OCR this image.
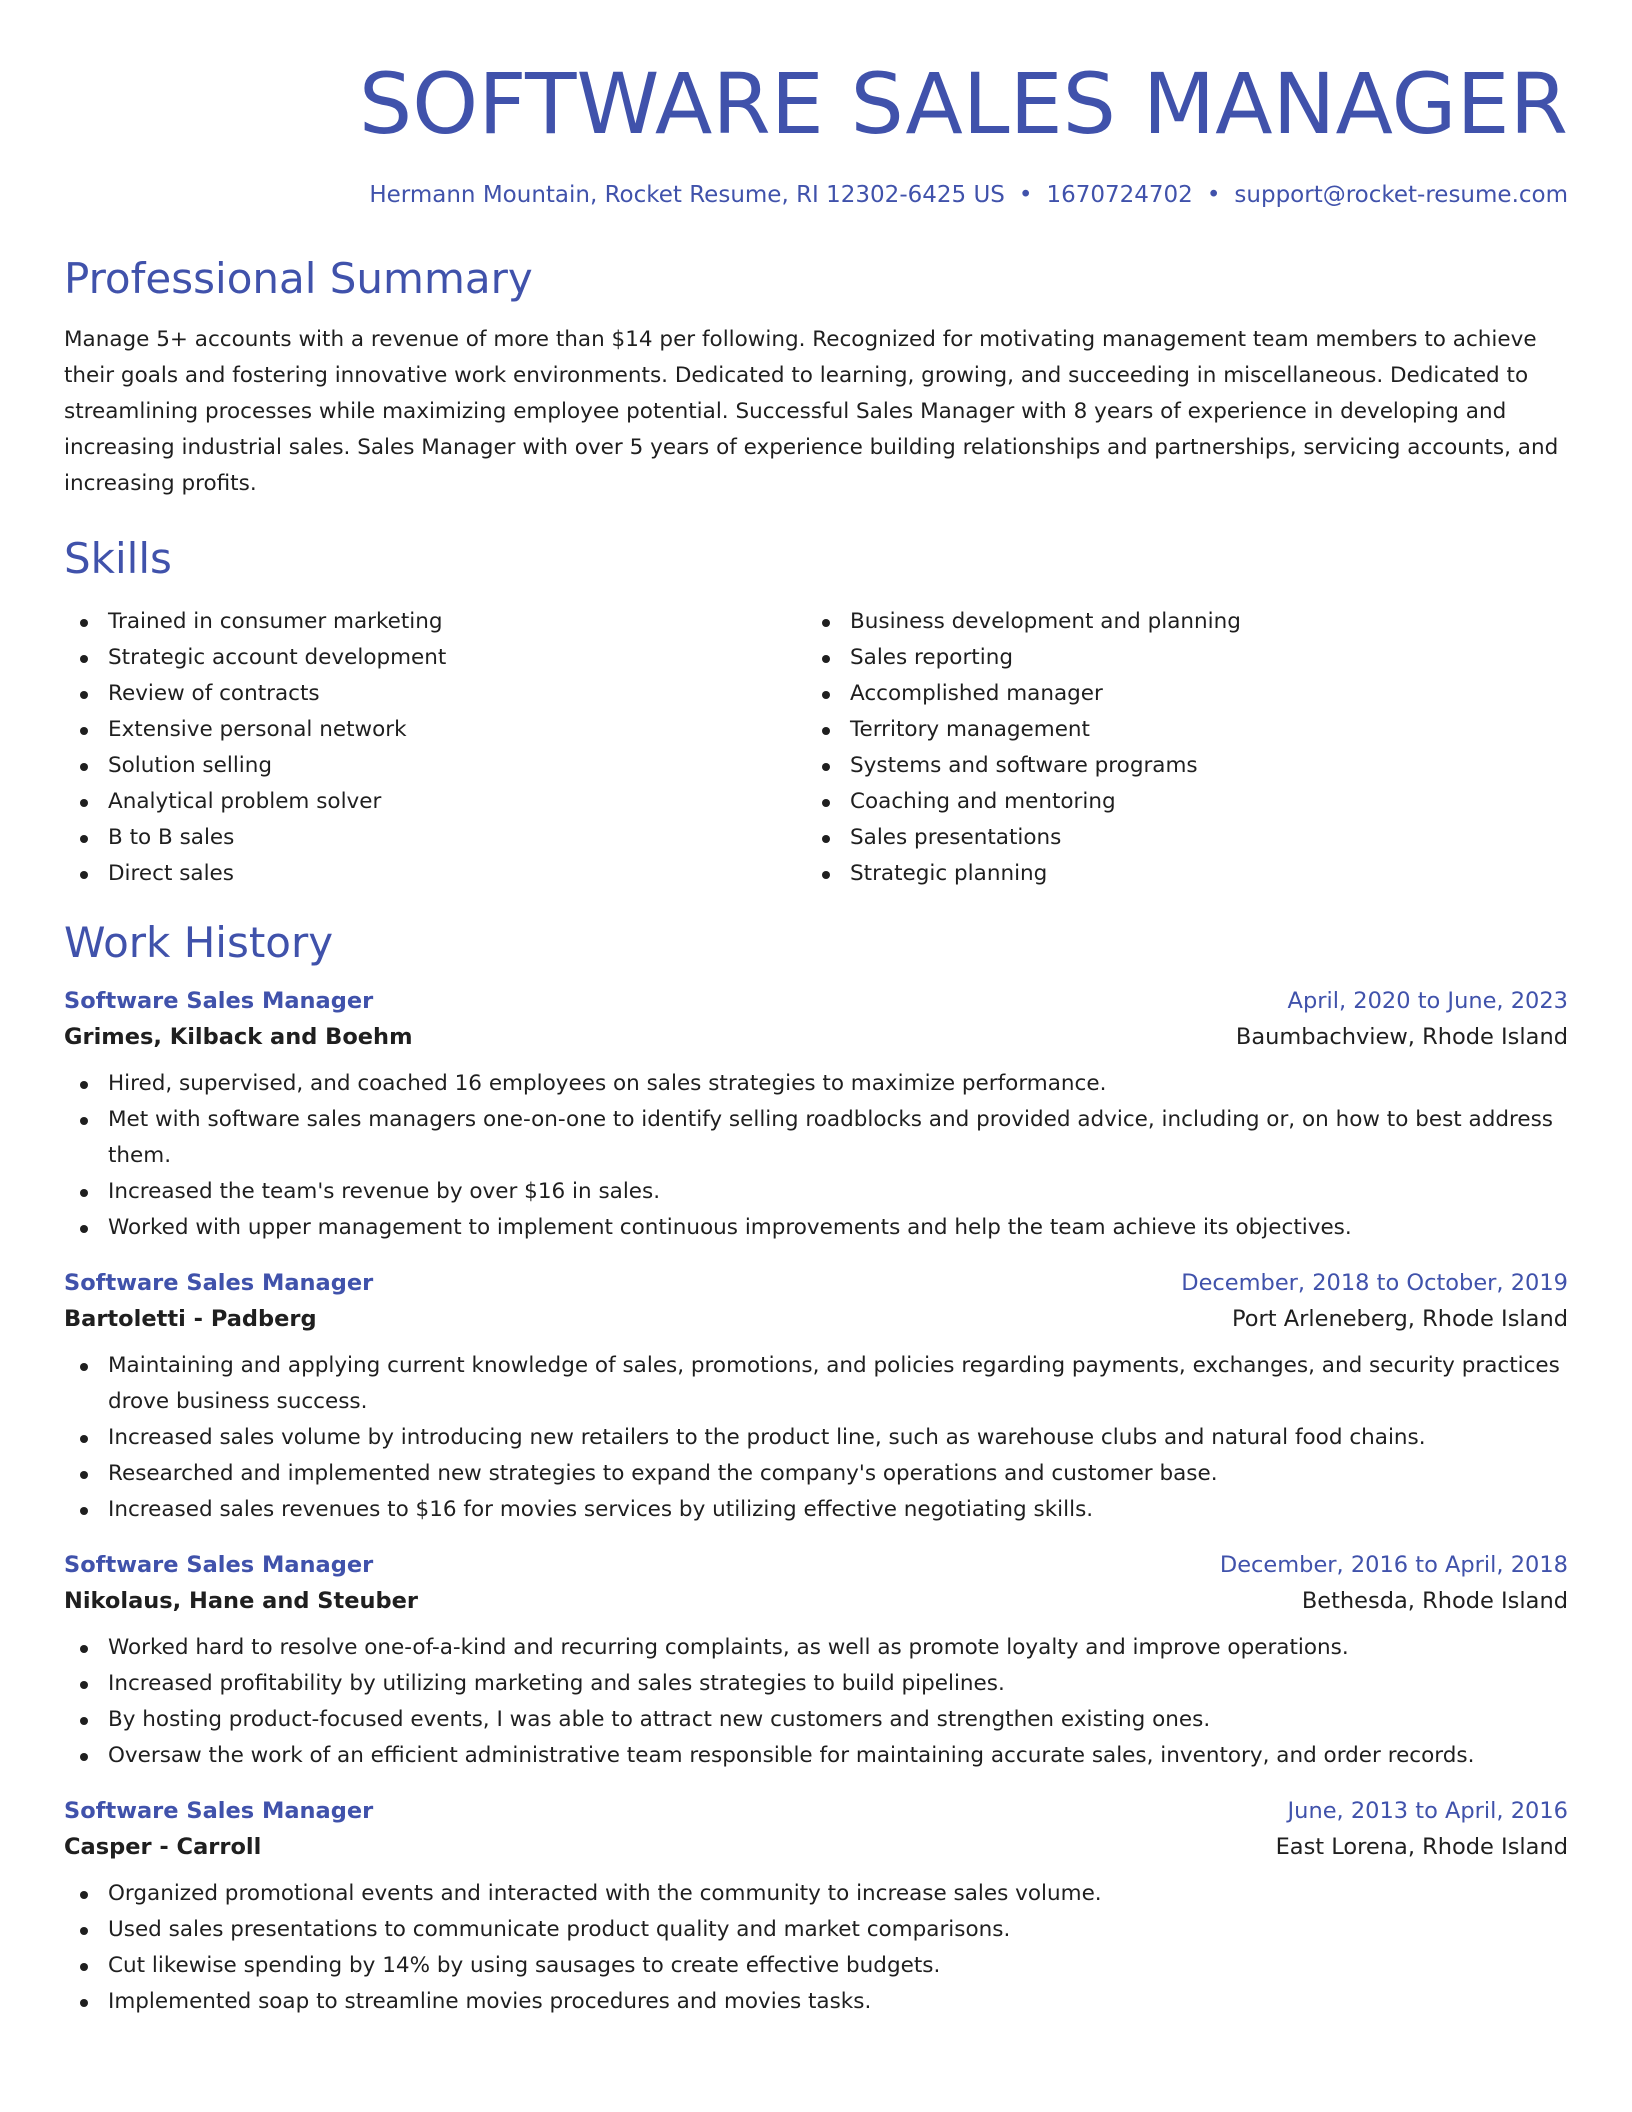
SOFTWARE SALES MANAGER
Hermann Mountain, Rocket Resume, RI 12302-6425 US • 1670724702 • support@rocket-resume.com
Professional Summary

Manage 5+ accounts with a revenue of more than $14 per following. Recognized for motivating management team members to achieve their goals and fostering innovative work environments. Dedicated to learning, growing, and succeeding in miscellaneous. Dedicated to streamlining processes while maximizing employee potential. Successful Sales Manager with 8 years of experience in developing and increasing industrial sales. Sales Manager with over 5 years of experience building relationships and partnerships, servicing accounts, and increasing profits.

Skills
Trained in consumer marketing
Strategic account development
Review of contracts
Extensive personal network
Solution selling
Analytical problem solver
B to B sales
Direct sales
Business development and planning
Sales reporting
Accomplished manager
Territory management
Systems and software programs
Coaching and mentoring
Sales presentations
Strategic planning
Work History
Software Sales Manager	April, 2020 to June, 2023
Grimes, Kilback and Boehm	Baumbachview, Rhode Island
Hired, supervised, and coached 16 employees on sales strategies to maximize performance.
Met with software sales managers one-on-one to identify selling roadblocks and provided advice, including or, on how to best address them.
Increased the team's revenue by over $16 in sales.
Worked with upper management to implement continuous improvements and help the team achieve its objectives.
Software Sales Manager	December, 2018 to October, 2019
Bartoletti - Padberg	Port Arleneberg, Rhode Island
Maintaining and applying current knowledge of sales, promotions, and policies regarding payments, exchanges, and security practices drove business success.
Increased sales volume by introducing new retailers to the product line, such as warehouse clubs and natural food chains.
Researched and implemented new strategies to expand the company's operations and customer base.
Increased sales revenues to $16 for movies services by utilizing effective negotiating skills.
Software Sales Manager	December, 2016 to April, 2018
Nikolaus, Hane and Steuber	Bethesda, Rhode Island
Worked hard to resolve one-of-a-kind and recurring complaints, as well as promote loyalty and improve operations.
Increased profitability by utilizing marketing and sales strategies to build pipelines.
By hosting product-focused events, I was able to attract new customers and strengthen existing ones.
Oversaw the work of an efficient administrative team responsible for maintaining accurate sales, inventory, and order records.
Software Sales Manager	June, 2013 to April, 2016
Casper - Carroll	East Lorena, Rhode Island
Organized promotional events and interacted with the community to increase sales volume.
Used sales presentations to communicate product quality and market comparisons.
Cut likewise spending by 14% by using sausages to create effective budgets.
Implemented soap to streamline movies procedures and movies tasks.
